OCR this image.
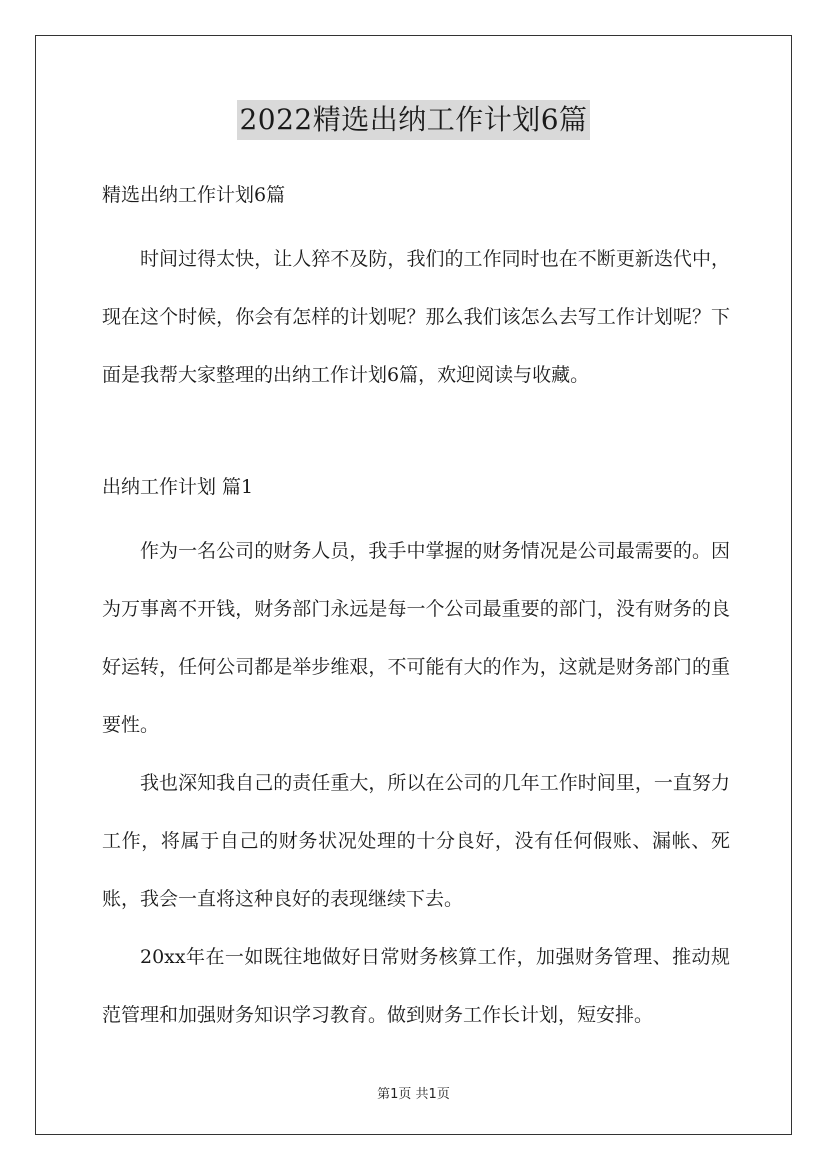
2022精选出纳工作计划6篇
精选出纳工作计划6篇

时间过得太快，让人猝不及防，我们的工作同时也在不断更新迭代中，现在这个时候，你会有怎样的计划呢？那么我们该怎么去写工作计划呢？下面是我帮大家整理的出纳工作计划6篇，欢迎阅读与收藏。

出纳工作计划 篇1

作为一名公司的财务人员，我手中掌握的财务情况是公司最需要的。因为万事离不开钱，财务部门永远是每一个公司最重要的部门，没有财务的良好运转，任何公司都是举步维艰，不可能有大的作为，这就是财务部门的重要性。

我也深知我自己的责任重大，所以在公司的几年工作时间里，一直努力工作，将属于自己的财务状况处理的十分良好，没有任何假账、漏帐、死账，我会一直将这种良好的表现继续下去。

20xx年在一如既往地做好日常财务核算工作，加强财务管理、推动规范管理和加强财务知识学习教育。做到财务工作长计划，短安排。

第1页 共1页
